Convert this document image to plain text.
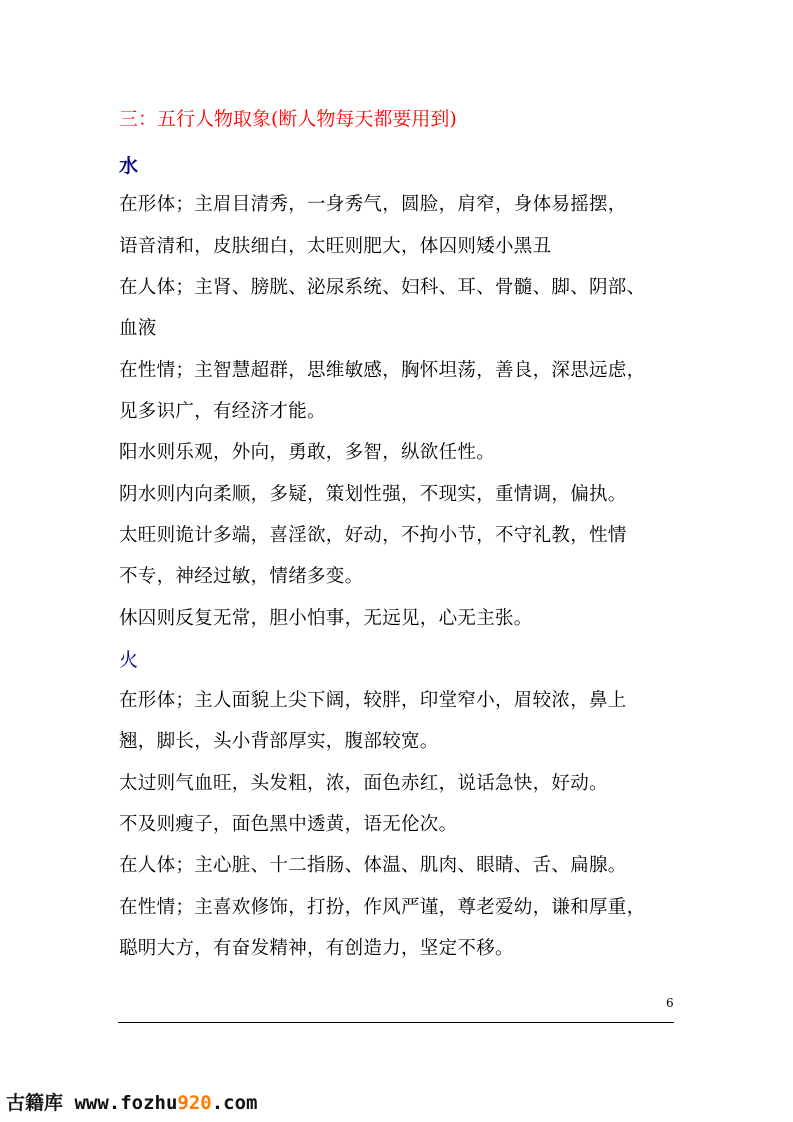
三：五行人物取象(断人物每天都要用到)
水
在形体；主眉目清秀，一身秀气，圆脸，肩窄，身体易摇摆，
语音清和，皮肤细白，太旺则肥大，体囚则矮小黑丑
在人体；主肾、膀胱、泌尿系统、妇科、耳、骨髓、脚、阴部、
血液
在性情；主智慧超群，思维敏感，胸怀坦荡，善良，深思远虑，
见多识广，有经济才能。
阳水则乐观，外向，勇敢，多智，纵欲任性。
阴水则内向柔顺，多疑，策划性强，不现实，重情调，偏执。
太旺则诡计多端，喜淫欲，好动，不拘小节，不守礼教，性情
不专，神经过敏，情绪多变。
休囚则反复无常，胆小怕事，无远见，心无主张。
火
在形体；主人面貌上尖下阔，较胖，印堂窄小，眉较浓，鼻上
翘，脚长，头小背部厚实，腹部较宽。
太过则气血旺，头发粗，浓，面色赤红，说话急快，好动。
不及则瘦子，面色黑中透黄，语无伦次。
在人体；主心脏、十二指肠、体温、肌肉、眼睛、舌、扁腺。
在性情；主喜欢修饰，打扮，作风严谨，尊老爱幼，谦和厚重，
聪明大方，有奋发精神，有创造力，坚定不移。
6
古籍库 www.fozhu920.com
